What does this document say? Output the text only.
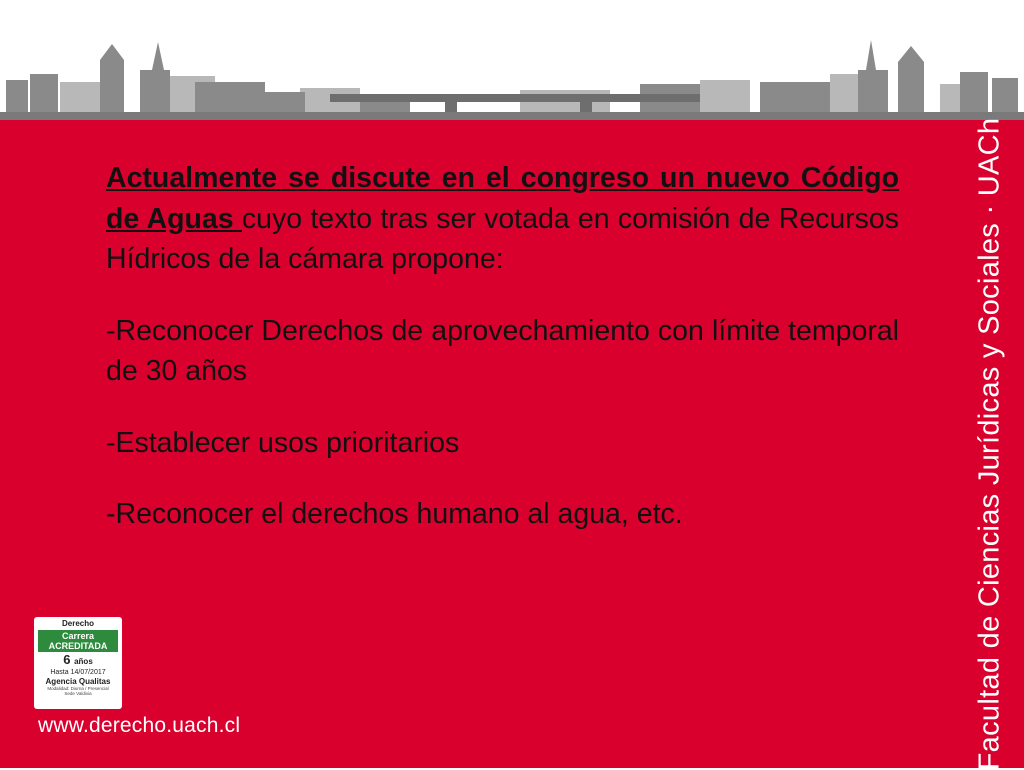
Actualmente se discute en el congreso un nuevo Código de Aguas cuyo texto tras ser votada en comisión de Recursos Hídricos de la cámara propone:

-Reconocer Derechos de aprovechamiento con límite temporal de 30 años

-Establecer usos prioritarios

-Reconocer el derechos humano al agua, etc.	Facultad de Ciencias Jurídicas y Sociales · UACh
Derecho
Carrera
ACREDITADA
6 años
Hasta 14/07/2017
Agencia Qualitas
Modalidad: Diurna / Presencial
Sede Valdivia
www.derecho.uach.cl
